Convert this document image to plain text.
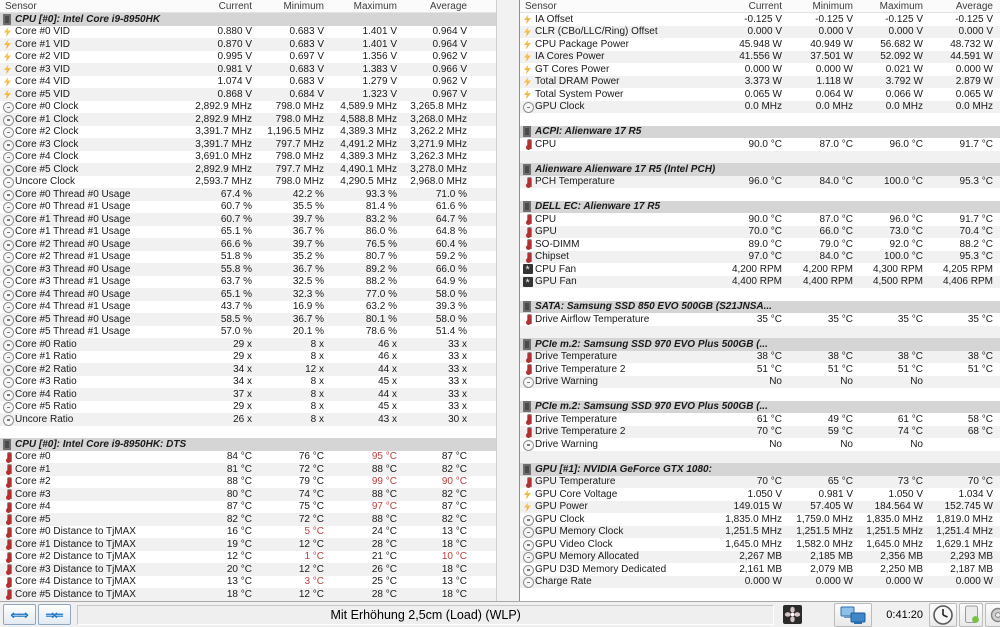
Sensor	Current	Minimum	Maximum	Average
CPU [#0]: Intel Core i9-8950HK
Core #0 VID	0.880 V	0.683 V	1.401 V	0.964 V
Core #1 VID	0.870 V	0.683 V	1.401 V	0.964 V
Core #2 VID	0.995 V	0.697 V	1.356 V	0.962 V
Core #3 VID	0.981 V	0.683 V	1.383 V	0.966 V
Core #4 VID	1.074 V	0.683 V	1.279 V	0.962 V
Core #5 VID	0.868 V	0.684 V	1.323 V	0.967 V
Core #0 Clock	2,892.9 MHz	798.0 MHz	4,589.9 MHz	3,265.8 MHz
Core #1 Clock	2,892.9 MHz	798.0 MHz	4,588.8 MHz	3,268.0 MHz
Core #2 Clock	3,391.7 MHz	1,196.5 MHz	4,389.3 MHz	3,262.2 MHz
Core #3 Clock	3,391.7 MHz	797.7 MHz	4,491.2 MHz	3,271.9 MHz
Core #4 Clock	3,691.0 MHz	798.0 MHz	4,389.3 MHz	3,262.3 MHz
Core #5 Clock	2,892.9 MHz	797.7 MHz	4,490.1 MHz	3,278.0 MHz
Uncore Clock	2,593.7 MHz	798.0 MHz	4,290.5 MHz	2,968.0 MHz
Core #0 Thread #0 Usage	67.4 %	42.2 %	93.3 %	71.0 %
Core #0 Thread #1 Usage	60.7 %	35.5 %	81.4 %	61.6 %
Core #1 Thread #0 Usage	60.7 %	39.7 %	83.2 %	64.7 %
Core #1 Thread #1 Usage	65.1 %	36.7 %	86.0 %	64.8 %
Core #2 Thread #0 Usage	66.6 %	39.7 %	76.5 %	60.4 %
Core #2 Thread #1 Usage	51.8 %	35.2 %	80.7 %	59.2 %
Core #3 Thread #0 Usage	55.8 %	36.7 %	89.2 %	66.0 %
Core #3 Thread #1 Usage	63.7 %	32.5 %	88.2 %	64.9 %
Core #4 Thread #0 Usage	65.1 %	32.3 %	77.0 %	58.0 %
Core #4 Thread #1 Usage	43.7 %	16.9 %	63.2 %	39.3 %
Core #5 Thread #0 Usage	58.5 %	36.7 %	80.1 %	58.0 %
Core #5 Thread #1 Usage	57.0 %	20.1 %	78.6 %	51.4 %
Core #0 Ratio	29 x	8 x	46 x	33 x
Core #1 Ratio	29 x	8 x	46 x	33 x
Core #2 Ratio	34 x	12 x	44 x	33 x
Core #3 Ratio	34 x	8 x	45 x	33 x
Core #4 Ratio	37 x	8 x	44 x	33 x
Core #5 Ratio	29 x	8 x	45 x	33 x
Uncore Ratio	26 x	8 x	43 x	30 x
CPU [#0]: Intel Core i9-8950HK: DTS
Core #0	84 °C	76 °C	95 °C	87 °C
Core #1	81 °C	72 °C	88 °C	82 °C
Core #2	88 °C	79 °C	99 °C	90 °C
Core #3	80 °C	74 °C	88 °C	82 °C
Core #4	87 °C	75 °C	97 °C	87 °C
Core #5	82 °C	72 °C	88 °C	82 °C
Core #0 Distance to TjMAX	16 °C	5 °C	24 °C	13 °C
Core #1 Distance to TjMAX	19 °C	12 °C	28 °C	18 °C
Core #2 Distance to TjMAX	12 °C	1 °C	21 °C	10 °C
Core #3 Distance to TjMAX	20 °C	12 °C	26 °C	18 °C
Core #4 Distance to TjMAX	13 °C	3 °C	25 °C	13 °C
Core #5 Distance to TjMAX	18 °C	12 °C	28 °C	18 °C
Sensor	Current	Minimum	Maximum	Average
IA Offset	-0.125 V	-0.125 V	-0.125 V	-0.125 V
CLR (CBo/LLC/Ring) Offset	0.000 V	0.000 V	0.000 V	0.000 V
CPU Package Power	45.948 W	40.949 W	56.682 W	48.732 W
IA Cores Power	41.556 W	37.501 W	52.092 W	44.591 W
GT Cores Power	0.000 W	0.000 W	0.021 W	0.000 W
Total DRAM Power	3.373 W	1.118 W	3.792 W	2.879 W
Total System Power	0.065 W	0.064 W	0.066 W	0.065 W
GPU Clock	0.0 MHz	0.0 MHz	0.0 MHz	0.0 MHz
ACPI: Alienware 17 R5
CPU	90.0 °C	87.0 °C	96.0 °C	91.7 °C
Alienware Alienware 17 R5 (Intel PCH)
PCH Temperature	96.0 °C	84.0 °C	100.0 °C	95.3 °C
DELL EC: Alienware 17 R5
CPU	90.0 °C	87.0 °C	96.0 °C	91.7 °C
GPU	70.0 °C	66.0 °C	73.0 °C	70.4 °C
SO-DIMM	89.0 °C	79.0 °C	92.0 °C	88.2 °C
Chipset	97.0 °C	84.0 °C	100.0 °C	95.3 °C
*
CPU Fan	4,200 RPM	4,200 RPM	4,300 RPM	4,205 RPM
*
GPU Fan	4,400 RPM	4,400 RPM	4,500 RPM	4,406 RPM
SATA: Samsung SSD 850 EVO 500GB (S21JNSA...
Drive Airflow Temperature	35 °C	35 °C	35 °C	35 °C
PCIe m.2: Samsung SSD 970 EVO Plus 500GB (...
Drive Temperature	38 °C	38 °C	38 °C	38 °C
Drive Temperature 2	51 °C	51 °C	51 °C	51 °C
Drive Warning	No	No	No
PCIe m.2: Samsung SSD 970 EVO Plus 500GB (...
Drive Temperature	61 °C	49 °C	61 °C	58 °C
Drive Temperature 2	70 °C	59 °C	74 °C	68 °C
Drive Warning	No	No	No
GPU [#1]: NVIDIA GeForce GTX 1080:
GPU Temperature	70 °C	65 °C	73 °C	70 °C
GPU Core Voltage	1.050 V	0.981 V	1.050 V	1.034 V
GPU Power	149.015 W	57.405 W	184.564 W	152.745 W
GPU Clock	1,835.0 MHz	1,759.0 MHz	1,835.0 MHz	1,819.0 MHz
GPU Memory Clock	1,251.5 MHz	1,251.5 MHz	1,251.5 MHz	1,251.4 MHz
GPU Video Clock	1,645.0 MHz	1,582.0 MHz	1,645.0 MHz	1,629.1 MHz
GPU Memory Allocated	2,267 MB	2,185 MB	2,356 MB	2,293 MB
GPU D3D Memory Dedicated	2,161 MB	2,079 MB	2,250 MB	2,187 MB
Charge Rate	0.000 W	0.000 W	0.000 W	0.000 W
⇐⇒ ⇒⇐	Mit Erhöhung 2,5cm (Load) (WLP)	0:41:20
